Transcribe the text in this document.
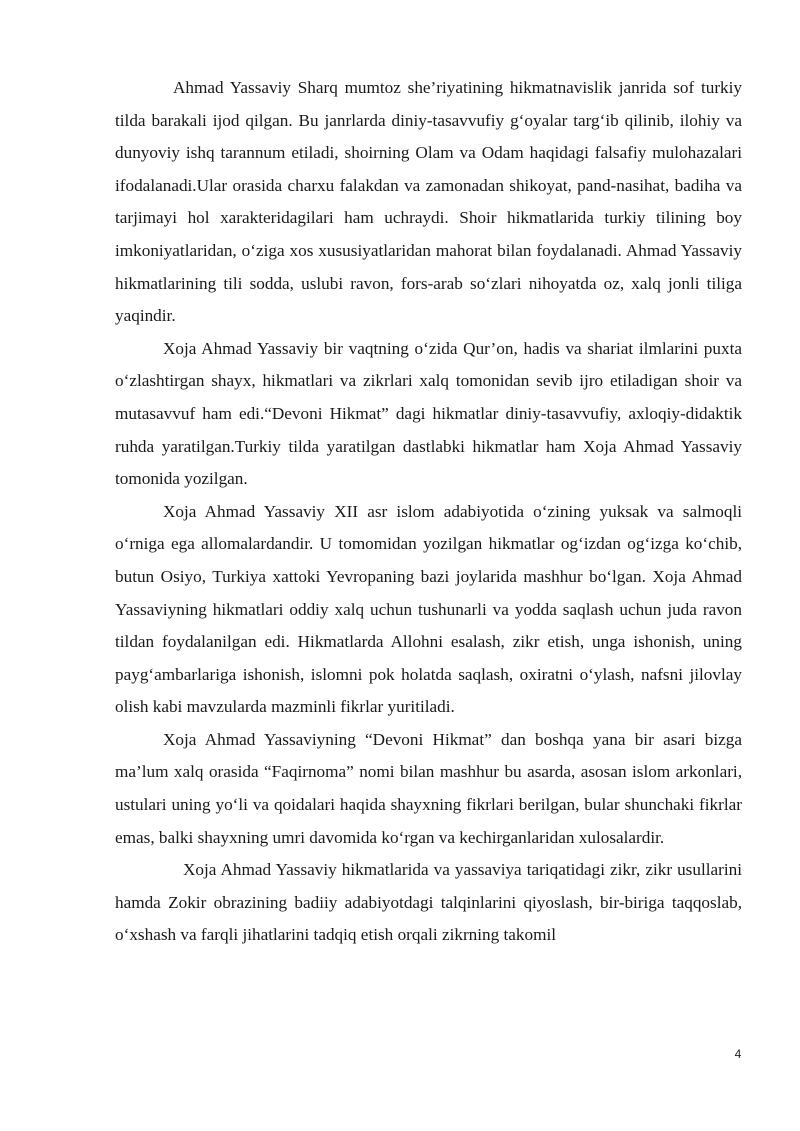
Ahmad Yassaviy Sharq mumtoz she’riyatining hikmatnavislik janrida sof turkiy tilda barakali ijod qilgan. Bu janrlarda diniy-tasavvufiy g‘oyalar targ‘ib qilinib, ilohiy va dunyoviy ishq tarannum etiladi, shoirning Olam va Odam haqidagi falsafiy mulohazalari ifodalanadi.Ular orasida charxu falakdan va zamonadan shikoyat, pand-nasihat, badiha va tarjimayi hol xarakteridagilari ham uchraydi. Shoir hikmatlarida turkiy tilining boy imkoniyatlaridan, o‘ziga xos xususiyatlaridan mahorat bilan foydalanadi. Ahmad Yassaviy hikmatlarining tili sodda, uslubi ravon, fors-arab so‘zlari nihoyatda oz, xalq jonli tiliga yaqindir.

Xoja Ahmad Yassaviy bir vaqtning o‘zida Qur’on, hadis va shariat ilmlarini puxta o‘zlashtirgan shayx, hikmatlari va zikrlari xalq tomonidan sevib ijro etiladigan shoir va mutasavvuf ham edi.“Devoni Hikmat” dagi hikmatlar diniy-tasavvufiy, axloqiy-didaktik ruhda yaratilgan.Turkiy tilda yaratilgan dastlabki hikmatlar ham Xoja Ahmad Yassaviy tomonida yozilgan.

Xoja Ahmad Yassaviy XII asr islom adabiyotida o‘zining yuksak va salmoqli o‘rniga ega allomalardandir. U tomomidan yozilgan hikmatlar og‘izdan og‘izga ko‘chib, butun Osiyo, Turkiya xattoki Yevropaning bazi joylarida mashhur bo‘lgan. Xoja Ahmad Yassaviyning hikmatlari oddiy xalq uchun tushunarli va yodda saqlash uchun juda ravon tildan foydalanilgan edi. Hikmatlarda Allohni esalash, zikr etish, unga ishonish, uning payg‘ambarlariga ishonish, islomni pok holatda saqlash, oxiratni o‘ylash, nafsni jilovlay olish kabi mavzularda mazminli fikrlar yuritiladi.

Xoja Ahmad Yassaviyning “Devoni Hikmat” dan boshqa yana bir asari bizga ma’lum xalq orasida “Faqirnoma” nomi bilan mashhur bu asarda, asosan islom arkonlari, ustulari uning yo‘li va qoidalari haqida shayxning fikrlari berilgan, bular shunchaki fikrlar emas, balki shayxning umri davomida ko‘rgan va kechirganlaridan xulosalardir.

Xoja Ahmad Yassaviy hikmatlarida va yassaviya tariqatidagi zikr, zikr usullarini hamda Zokir obrazining badiiy adabiyotdagi talqinlarini qiyoslash, bir-biriga taqqoslab, o‘xshash va farqli jihatlarini tadqiq etish orqali zikrning takomil

4
